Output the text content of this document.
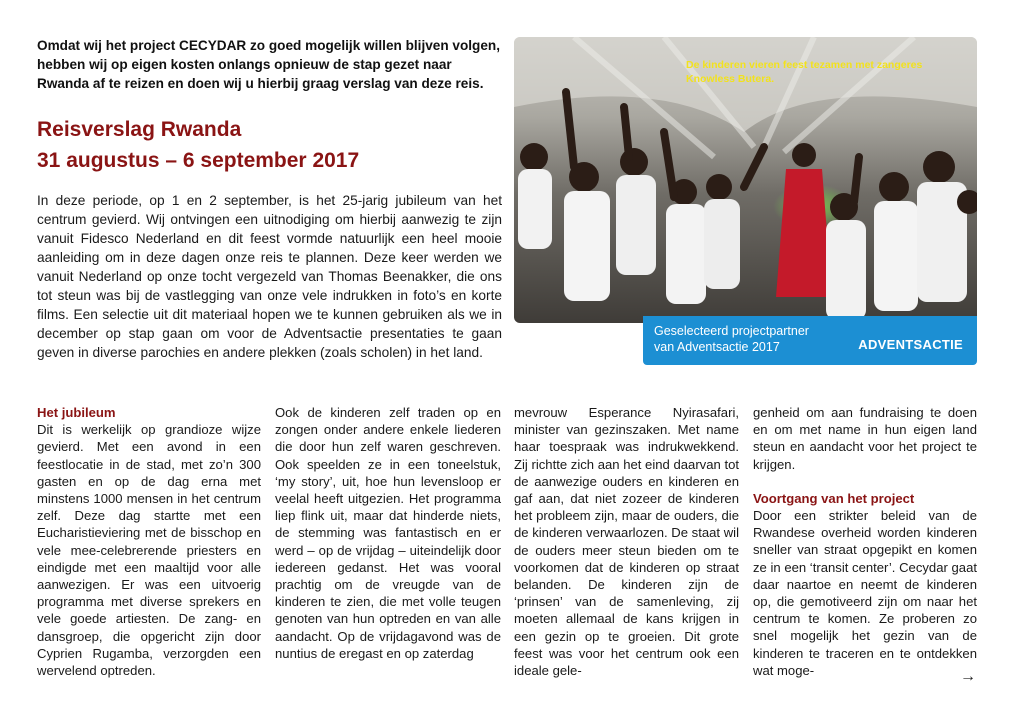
Omdat wij het project CECYDAR zo goed mogelijk willen blijven volgen, hebben wij op eigen kosten onlangs opnieuw de stap gezet naar Rwanda af te reizen en doen wij u hierbij graag verslag van deze reis.
Reisverslag Rwanda
31 augustus – 6 september 2017
In deze periode, op 1 en 2 september, is het 25-jarig jubileum van het centrum gevierd. Wij ontvingen een uitnodiging om hierbij aanwezig te zijn vanuit Fidesco Nederland en dit feest vormde natuurlijk een heel mooie aanleiding om in deze dagen onze reis te plannen. Deze keer werden we vanuit Nederland op onze tocht vergezeld van Thomas Beenakker, die ons tot steun was bij de vastlegging van onze vele indrukken in foto’s en korte films. Een selectie uit dit materiaal hopen we te kunnen gebruiken als we in december op stap gaan om voor de Adventsactie presentaties te gaan geven in diverse parochies en andere plekken (zoals scholen) in het land.
De kinderen vieren feest tezamen met zangeres Knowless Butera.
Geselecteerd projectpartner
van Adventsactie 2017	ADVENTSACTIE
Het jubileum
Dit is werkelijk op grandioze wijze gevierd. Met een avond in een feestlocatie in de stad, met zo’n 300 gasten en op de dag erna met minstens 1000 mensen in het centrum zelf. Deze dag startte met een Eucharistieviering met de bisschop en vele mee-celebrerende priesters en eindigde met een maaltijd voor alle aanwezigen. Er was een uitvoerig programma met diverse sprekers en vele goede artiesten. De zang- en dansgroep, die opgericht zijn door Cyprien Rugamba, verzorgden een wervelend optreden.
Ook de kinderen zelf traden op en zongen onder andere enkele liederen die door hun zelf waren geschreven. Ook speelden ze in een toneelstuk, ‘my story’, uit, hoe hun levensloop er veelal heeft uitgezien. Het programma liep flink uit, maar dat hinderde niets, de stemming was fantastisch en er werd – op de vrijdag – uiteindelijk door iedereen gedanst. Het was vooral prachtig om de vreugde van de kinderen te zien, die met volle teugen genoten van hun optreden en van alle aandacht. Op de vrijdagavond was de nuntius de eregast en op zaterdag
mevrouw Esperance Nyirasafari, minister van gezinszaken. Met name haar toespraak was indrukwekkend. Zij richtte zich aan het eind daarvan tot de aanwezige ouders en kinderen en gaf aan, dat niet zozeer de kinderen het probleem zijn, maar de ouders, die de kinderen verwaarlozen. De staat wil de ouders meer steun bieden om te voorkomen dat de kinderen op straat belanden. De kinderen zijn de ‘prinsen’ van de samenleving, zij moeten allemaal de kans krijgen in een gezin op te groeien. Dit grote feest was voor het centrum ook een ideale gele-
genheid om aan fundraising te doen en om met name in hun eigen land steun en aandacht voor het project te krijgen.
Voortgang van het project
Door een strikter beleid van de Rwandese overheid worden kinderen sneller van straat opgepikt en komen ze in een ‘transit center’. Cecydar gaat daar naartoe en neemt de kinderen op, die gemotiveerd zijn om naar het centrum te komen. Ze proberen zo snel mogelijk het gezin van de kinderen te traceren en te ontdekken wat moge-	→
